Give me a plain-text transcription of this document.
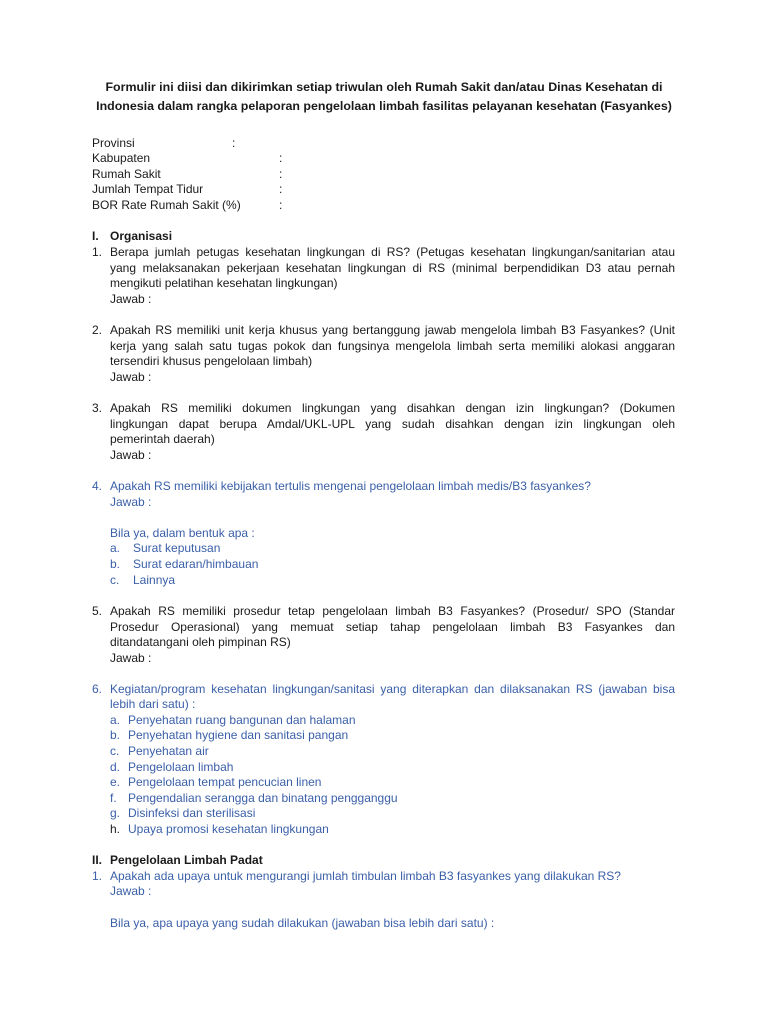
Formulir ini diisi dan dikirimkan setiap triwulan oleh Rumah Sakit dan/atau Dinas Kesehatan di
Indonesia dalam rangka pelaporan pengelolaan limbah fasilitas pelayanan kesehatan (Fasyankes)
Provinsi	:
Kabupaten	:
Rumah Sakit	:
Jumlah Tempat Tidur	:
BOR Rate Rumah Sakit (%)	:
I. Organisasi
1. Berapa jumlah petugas kesehatan lingkungan di RS? (Petugas kesehatan lingkungan/sanitarian atau
yang melaksanakan pekerjaan kesehatan lingkungan di RS (minimal berpendidikan D3 atau pernah
mengikuti pelatihan kesehatan lingkungan)
Jawab :
2. Apakah RS memiliki unit kerja khusus yang bertanggung jawab mengelola limbah B3 Fasyankes? (Unit
kerja yang salah satu tugas pokok dan fungsinya mengelola limbah serta memiliki alokasi anggaran
tersendiri khusus pengelolaan limbah)
Jawab :
3. Apakah RS memiliki dokumen lingkungan yang disahkan dengan izin lingkungan? (Dokumen
lingkungan dapat berupa Amdal/UKL-UPL yang sudah disahkan dengan izin lingkungan oleh
pemerintah daerah)
Jawab :
4. Apakah RS memiliki kebijakan tertulis mengenai pengelolaan limbah medis/B3 fasyankes?
Jawab :
Bila ya, dalam bentuk apa :
a. Surat keputusan
b. Surat edaran/himbauan
c. Lainnya
5. Apakah RS memiliki prosedur tetap pengelolaan limbah B3 Fasyankes? (Prosedur/ SPO (Standar
Prosedur Operasional) yang memuat setiap tahap pengelolaan limbah B3 Fasyankes dan
ditandatangani oleh pimpinan RS)
Jawab :
6. Kegiatan/program kesehatan lingkungan/sanitasi yang diterapkan dan dilaksanakan RS (jawaban bisa
lebih dari satu) :
a. Penyehatan ruang bangunan dan halaman
b. Penyehatan hygiene dan sanitasi pangan
c. Penyehatan air
d. Pengelolaan limbah
e. Pengelolaan tempat pencucian linen
f. Pengendalian serangga dan binatang pengganggu
g. Disinfeksi dan sterilisasi
h. Upaya promosi kesehatan lingkungan
II. Pengelolaan Limbah Padat
1. Apakah ada upaya untuk mengurangi jumlah timbulan limbah B3 fasyankes yang dilakukan RS?
Jawab :
Bila ya, apa upaya yang sudah dilakukan (jawaban bisa lebih dari satu) :
